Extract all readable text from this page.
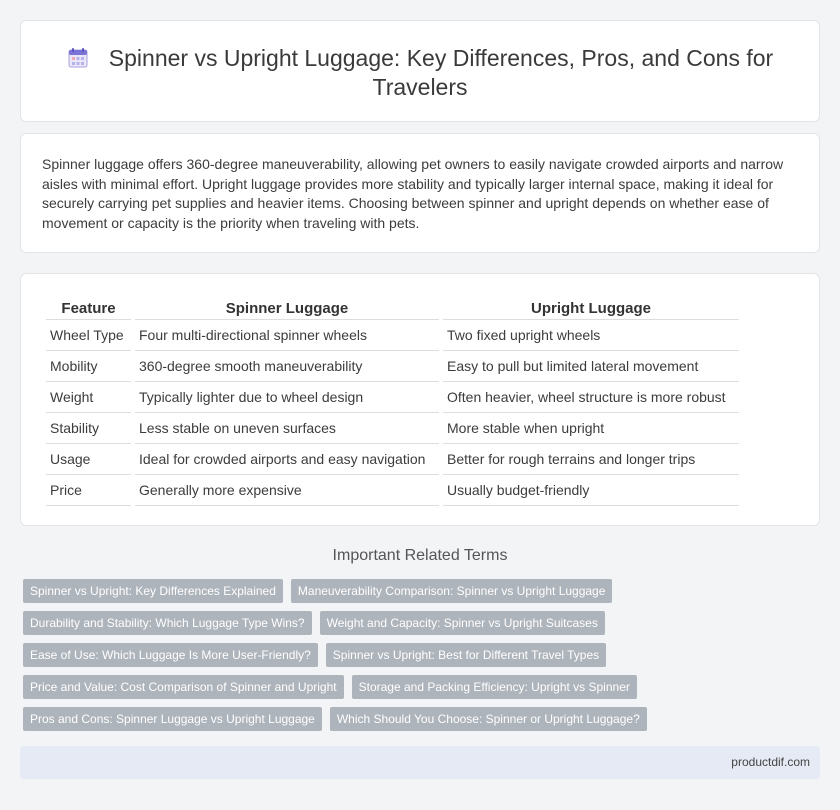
Spinner vs Upright Luggage: Key Differences, Pros, and Cons for Travelers

Spinner luggage offers 360-degree maneuverability, allowing pet owners to easily navigate crowded airports and narrow aisles with minimal effort. Upright luggage provides more stability and typically larger internal space, making it ideal for securely carrying pet supplies and heavier items. Choosing between spinner and upright depends on whether ease of movement or capacity is the priority when traveling with pets.

Feature	Spinner Luggage	Upright Luggage
Wheel Type	Four multi-directional spinner wheels	Two fixed upright wheels
Mobility	360-degree smooth maneuverability	Easy to pull but limited lateral movement
Weight	Typically lighter due to wheel design	Often heavier, wheel structure is more robust
Stability	Less stable on uneven surfaces	More stable when upright
Usage	Ideal for crowded airports and easy navigation	Better for rough terrains and longer trips
Price	Generally more expensive	Usually budget-friendly
Important Related Terms
Spinner vs Upright: Key Differences Explained	Maneuverability Comparison: Spinner vs Upright Luggage
Durability and Stability: Which Luggage Type Wins?	Weight and Capacity: Spinner vs Upright Suitcases
Ease of Use: Which Luggage Is More User-Friendly?	Spinner vs Upright: Best for Different Travel Types
Price and Value: Cost Comparison of Spinner and Upright	Storage and Packing Efficiency: Upright vs Spinner
Pros and Cons: Spinner Luggage vs Upright Luggage	Which Should You Choose: Spinner or Upright Luggage?
productdif.com
